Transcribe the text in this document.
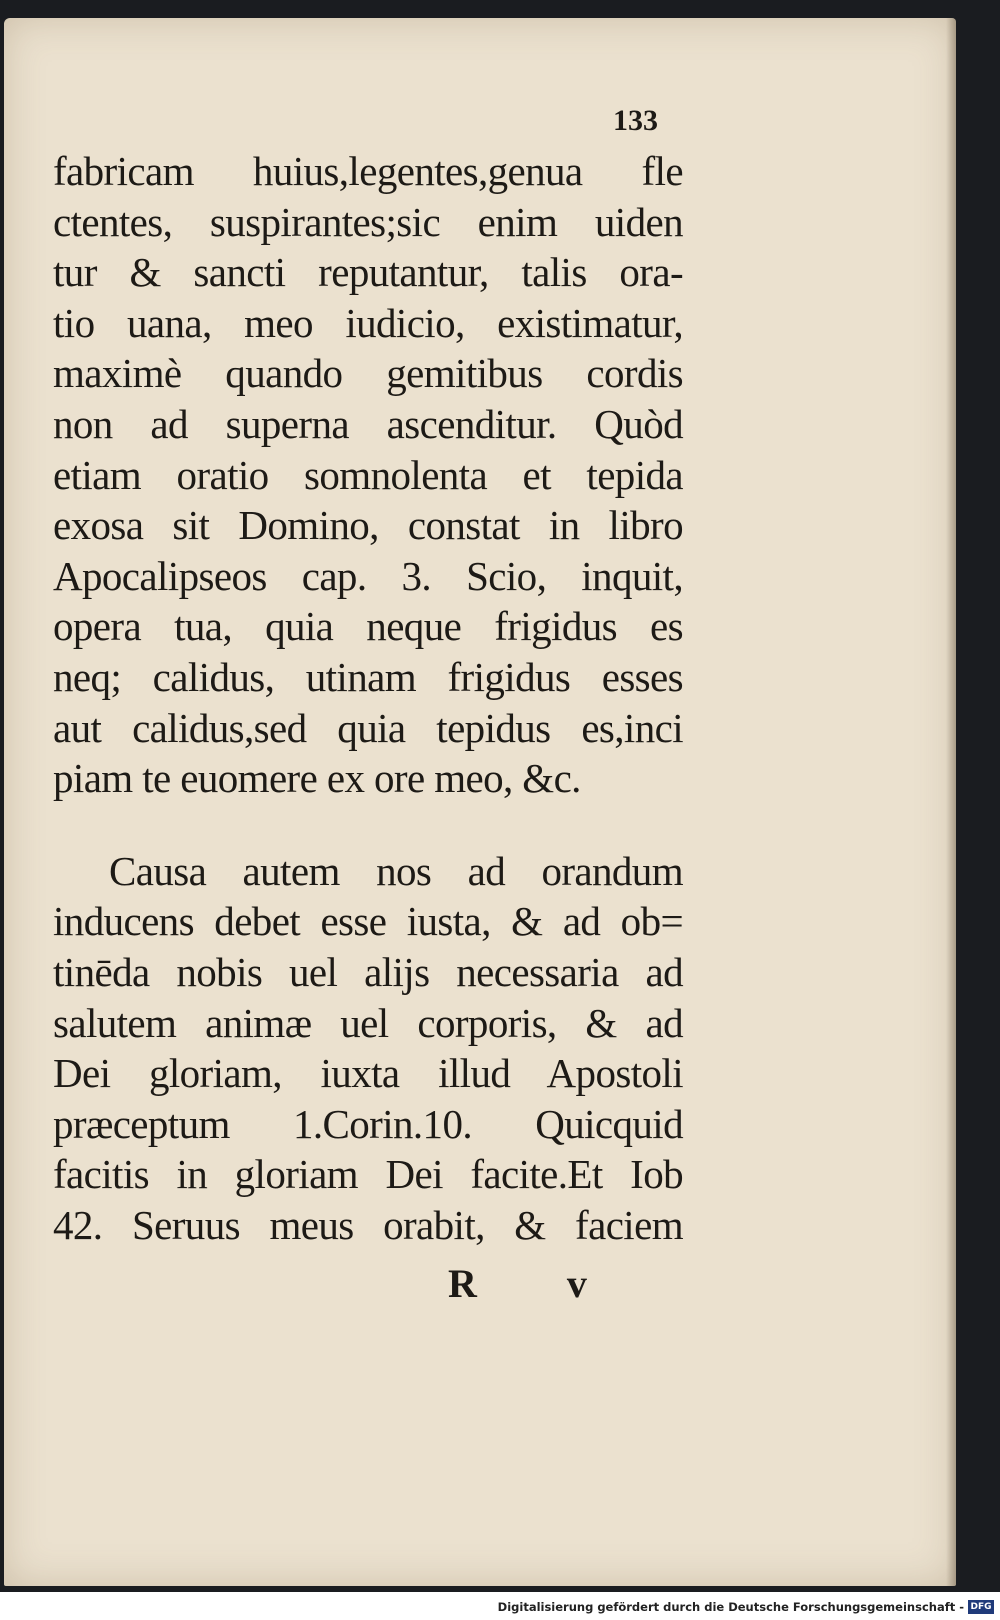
133
fabricam huius,legentes,genua fle
ctentes, suspirantes;sic enim uiden
tur & sancti reputantur, talis ora-
tio uana, meo iudicio, existimatur,
maximè quando gemitibus cordis
non ad superna ascenditur. Quòd
etiam oratio somnolenta et tepida
exosa sit Domino, constat in libro
Apocalipseos cap. 3. Scio, inquit,
opera tua, quia neque frigidus es
neq; calidus, utinam frigidus esses
aut calidus,sed quia tepidus es,inci
piam te euomere ex ore meo, &c.
Causa autem nos ad orandum
inducens debet esse iusta, & ad ob=
tinēda nobis uel alijs necessaria ad
salutem animæ uel corporis, & ad
Dei gloriam, iuxta illud Apostoli
præceptum 1.Corin.10. Quicquid
facitis in gloriam Dei facite.Et Iob
42. Seruus meus orabit, & faciem
R v
Digitalisierung gefördert durch die Deutsche Forschungsgemeinschaft - DFG
